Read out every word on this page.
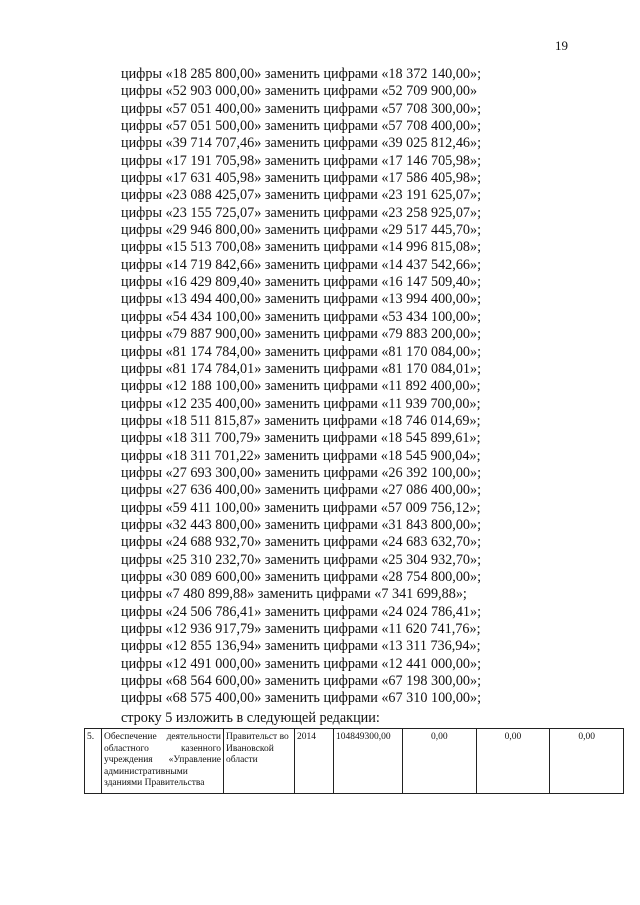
19
цифры «18 285 800,00» заменить цифрами «18 372 140,00»;
цифры «52 903 000,00» заменить цифрами «52 709 900,00»
цифры «57 051 400,00» заменить цифрами «57 708 300,00»;
цифры «57 051 500,00» заменить цифрами «57 708 400,00»;
цифры «39 714 707,46» заменить цифрами «39 025 812,46»;
цифры «17 191 705,98» заменить цифрами «17 146 705,98»;
цифры «17 631 405,98» заменить цифрами «17 586 405,98»;
цифры «23 088 425,07» заменить цифрами «23 191 625,07»;
цифры «23 155 725,07» заменить цифрами «23 258 925,07»;
цифры «29 946 800,00» заменить цифрами «29 517 445,70»;
цифры «15 513 700,08» заменить цифрами «14 996 815,08»;
цифры «14 719 842,66» заменить цифрами «14 437 542,66»;
цифры «16 429 809,40» заменить цифрами «16 147 509,40»;
цифры «13 494 400,00» заменить цифрами «13 994 400,00»;
цифры «54 434 100,00» заменить цифрами «53 434 100,00»;
цифры «79 887 900,00» заменить цифрами «79 883 200,00»;
цифры «81 174 784,00» заменить цифрами «81 170 084,00»;
цифры «81 174 784,01» заменить цифрами «81 170 084,01»;
цифры «12 188 100,00» заменить цифрами «11 892 400,00»;
цифры «12 235 400,00» заменить цифрами «11 939 700,00»;
цифры «18 511 815,87» заменить цифрами «18 746 014,69»;
цифры «18 311 700,79» заменить цифрами «18 545 899,61»;
цифры «18 311 701,22» заменить цифрами «18 545 900,04»;
цифры «27 693 300,00» заменить цифрами «26 392 100,00»;
цифры «27 636 400,00» заменить цифрами «27 086 400,00»;
цифры «59 411 100,00» заменить цифрами «57 009 756,12»;
цифры «32 443 800,00» заменить цифрами «31 843 800,00»;
цифры «24 688 932,70» заменить цифрами «24 683 632,70»;
цифры «25 310 232,70» заменить цифрами «25 304 932,70»;
цифры «30 089 600,00» заменить цифрами «28 754 800,00»;
цифры «7 480 899,88» заменить цифрами «7 341 699,88»;
цифры «24 506 786,41» заменить цифрами «24 024 786,41»;
цифры «12 936 917,79» заменить цифрами «11 620 741,76»;
цифры «12 855 136,94» заменить цифрами «13 311 736,94»;
цифры «12 491 000,00» заменить цифрами «12 441 000,00»;
цифры «68 564 600,00» заменить цифрами «67 198 300,00»;
цифры «68 575 400,00» заменить цифрами «67 310 100,00»;
строку 5 изложить в следующей редакции:
5.	Обеспечение деятельности областного казенного учреждения «Управление административными зданиями Правительства	Правительст во Ивановской области	2014	104849300,00	0,00	0,00	0,00
